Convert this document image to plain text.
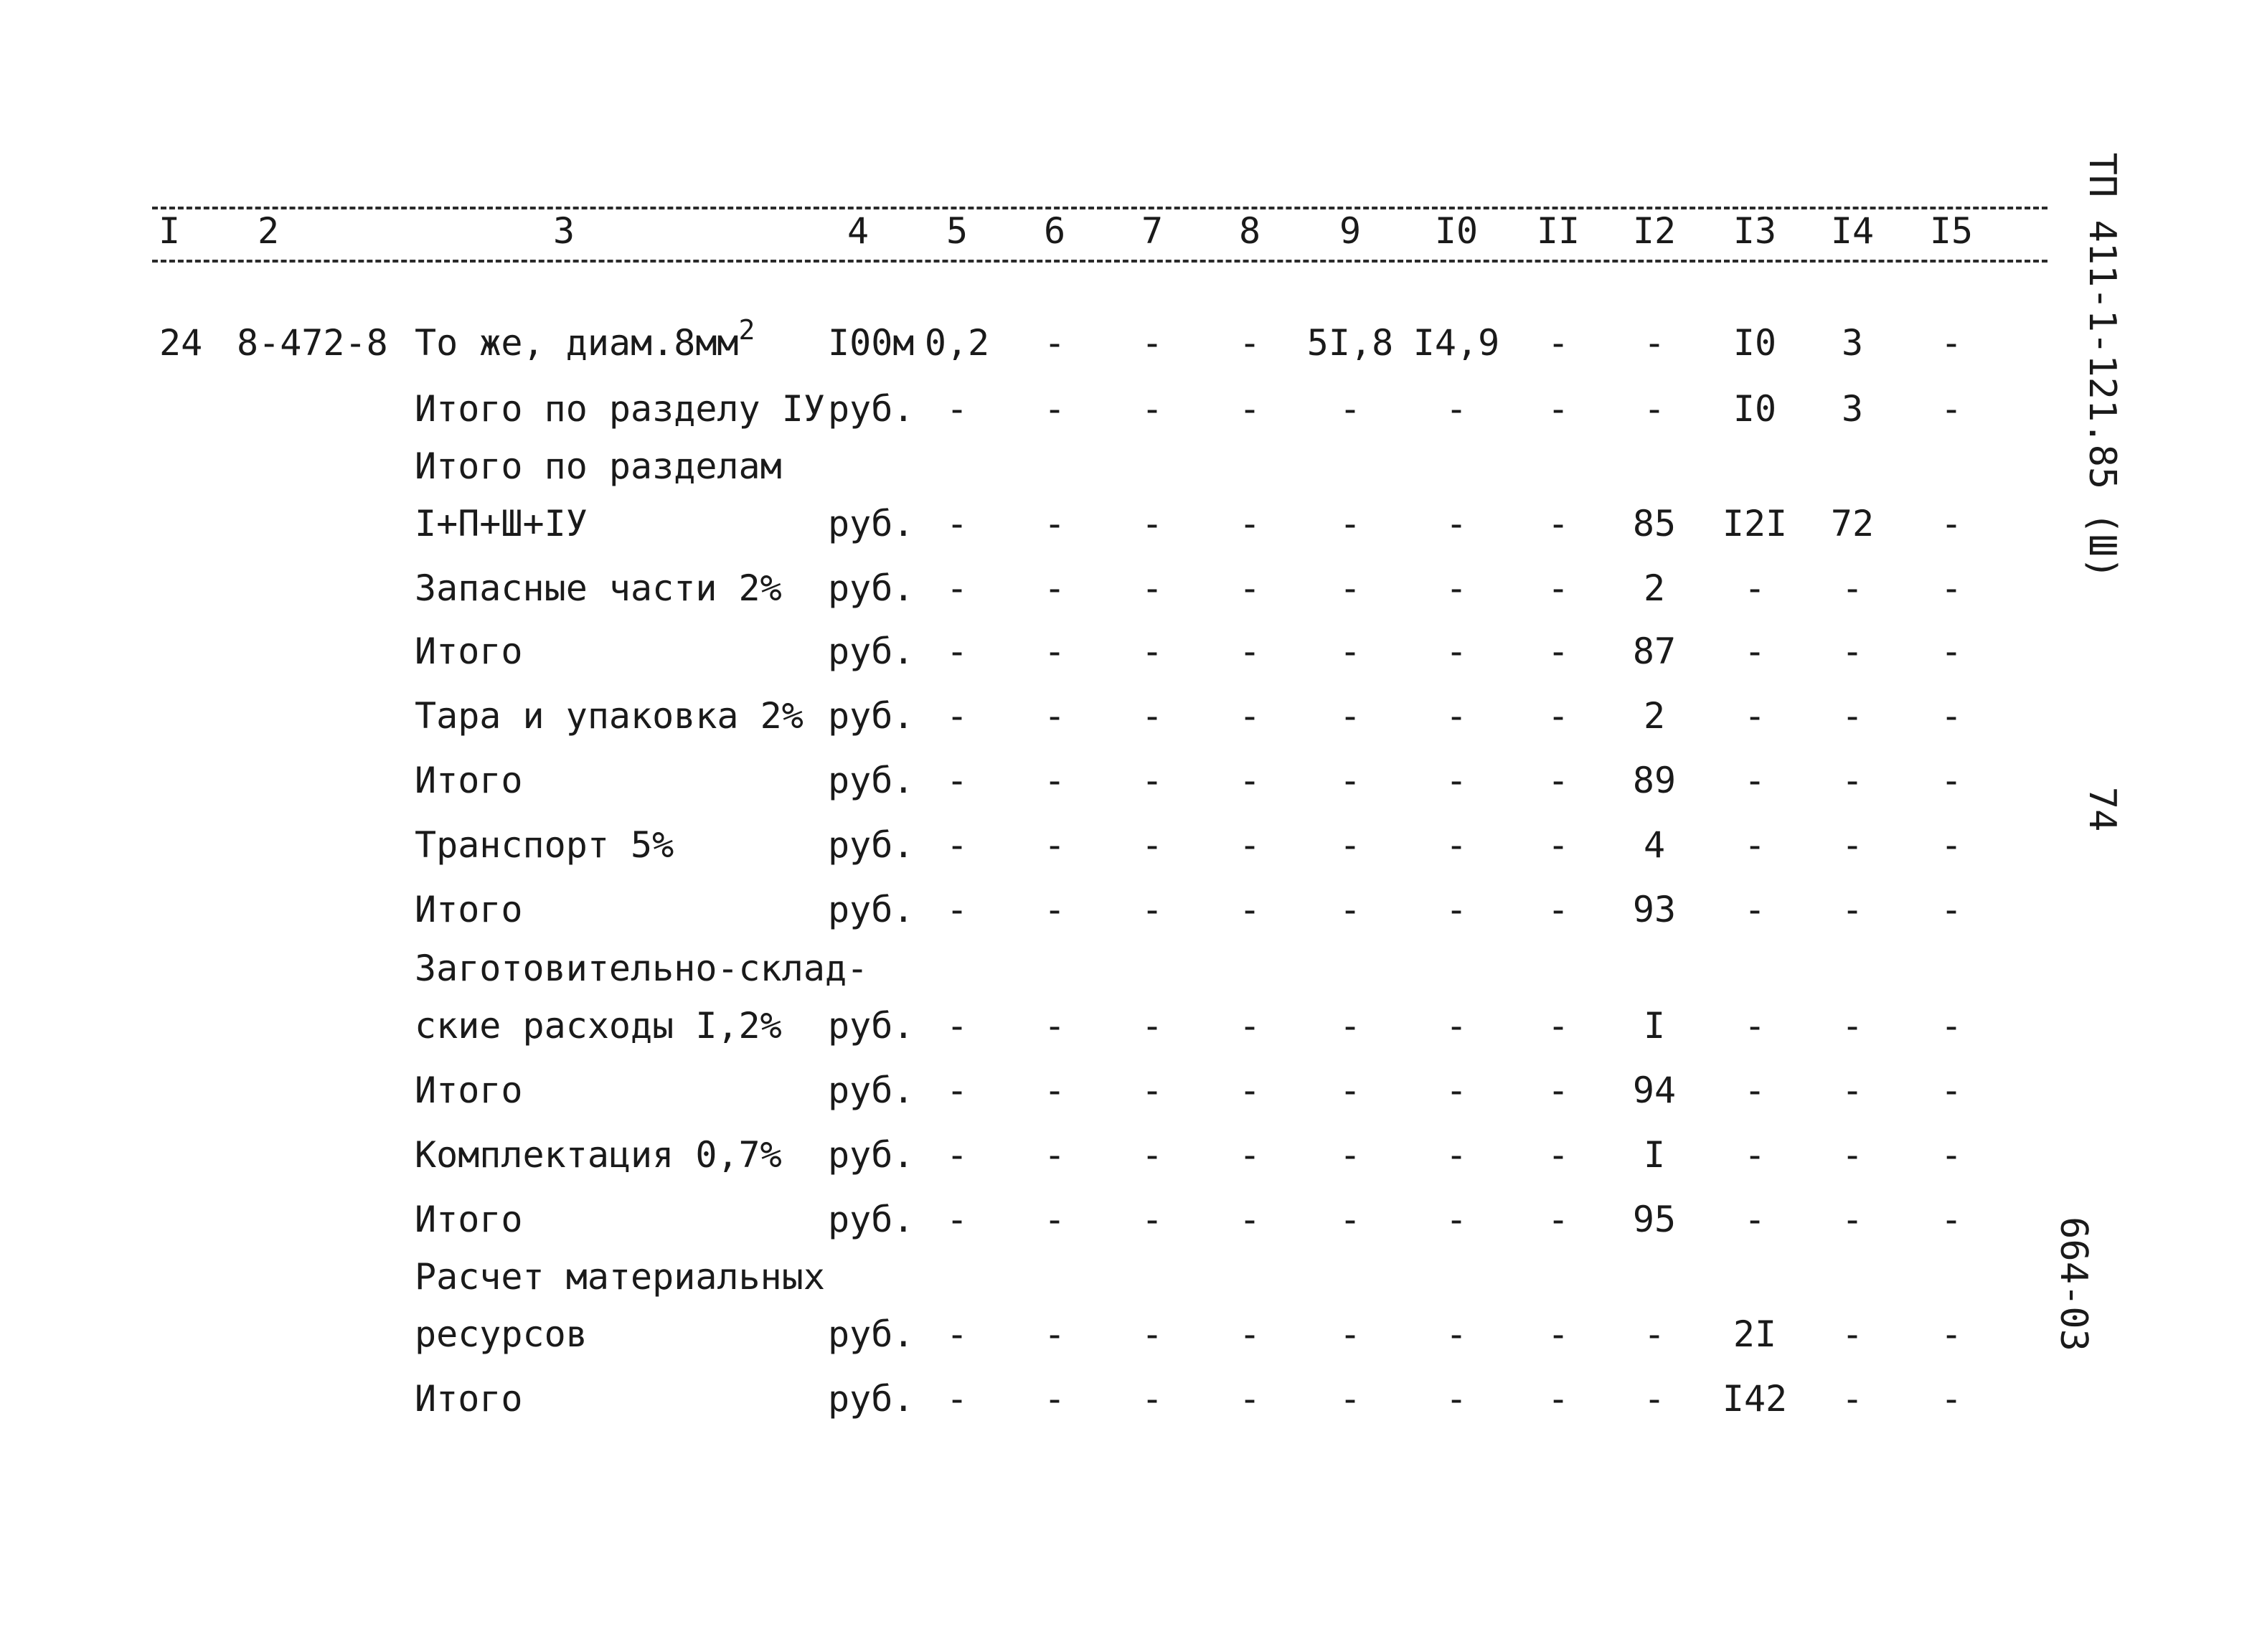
I 2	3	4 5 6 7 8 9 I0 II I2 I3 I4 I5
24 8-472-8 То же, $диам.8мм^2$ I00м 0,2 - - - 5I,8 I4,9 - - I0 3 -
Итого по разделу IУ руб. - - - - - - - - I0 3 -
Итого по разделам
I+П+Ш+IУ	руб. - - - - - - - 85 I2I 72 -
Запасные части 2% руб. - - - - - - - 2 - - -
Итого	руб. - - - - - - - 87 - - -
Тара и упаковка 2% руб. - - - - - - - 2 - - -
Итого	руб. - - - - - - - 89 - - -
Транспорт 5%	руб. - - - - - - - 4 - - -
Итого	руб. - - - - - - - 93 - - -
Заготовительно-склад-
ские расходы I,2% руб. - - - - - - - I - - -
Итого	руб. - - - - - - - 94 - - -
Комплектация 0,7% руб. - - - - - - - I - - -
Итого	руб. - - - - - - - 95 - - -
Расчет материальных
ресурсов	руб. - - - - - - - - 2I - -
Итого	руб. - - - - - - - - I42 - -
ТП 411-1-121.85 (Ш)
74
664-03
